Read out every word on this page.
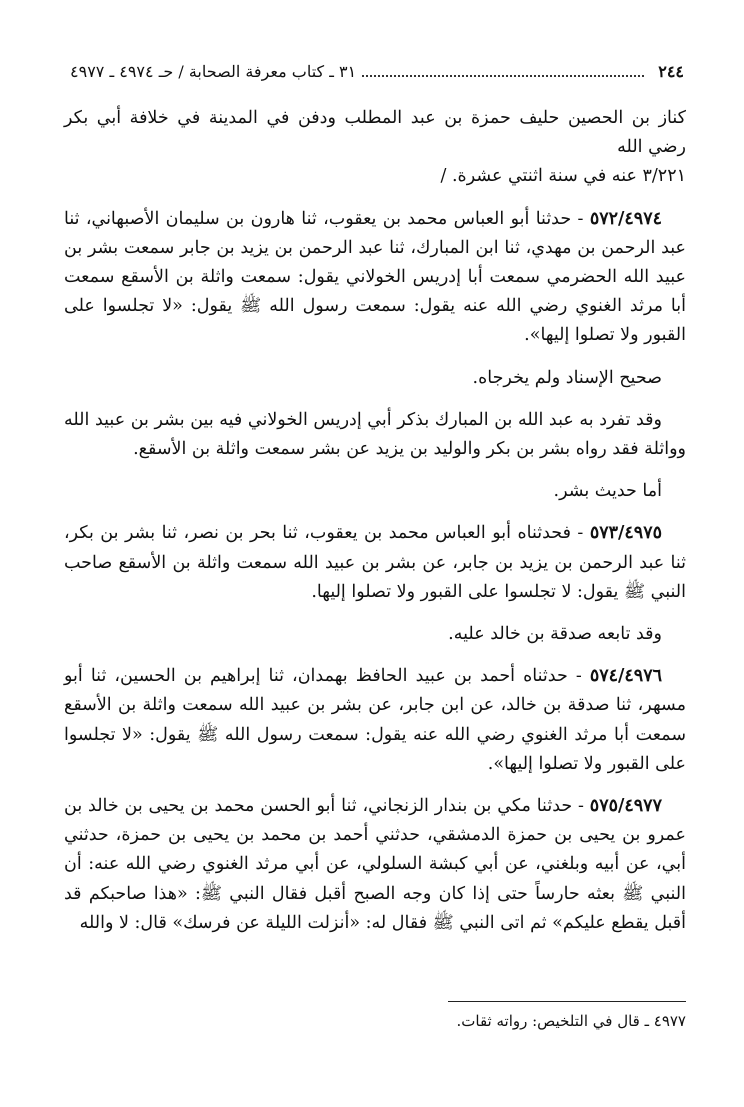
٢٤٤
٣١ ـ كتاب معرفة الصحابة / حـ ٤٩٧٤ ـ ٤٩٧٧

كناز بن الحصين حليف حمزة بن عبد المطلب ودفن في المدينة في خلافة أبي بكر رضي الله
٣/٢٢١ عنه في سنة اثنتي عشرة. /

٥٧٢/٤٩٧٤ - حدثنا أبو العباس محمد بن يعقوب، ثنا هارون بن سليمان الأصبهاني، ثنا عبد الرحمن بن مهدي، ثنا ابن المبارك، ثنا عبد الرحمن بن يزيد بن جابر سمعت بشر بن عبيد الله الحضرمي سمعت أبا إدريس الخولاني يقول: سمعت واثلة بن الأسقع سمعت أبا مرثد الغنوي رضي الله عنه يقول: سمعت رسول الله ﷺ يقول: «لا تجلسوا على القبور ولا تصلوا إليها».

صحيح الإسناد ولم يخرجاه.

وقد تفرد به عبد الله بن المبارك بذكر أبي إدريس الخولاني فيه بين بشر بن عبيد الله وواثلة فقد رواه بشر بن بكر والوليد بن يزيد عن بشر سمعت واثلة بن الأسقع.

أما حديث بشر.

٥٧٣/٤٩٧٥ - فحدثناه أبو العباس محمد بن يعقوب، ثنا بحر بن نصر، ثنا بشر بن بكر، ثنا عبد الرحمن بن يزيد بن جابر، عن بشر بن عبيد الله سمعت واثلة بن الأسقع صاحب النبي ﷺ يقول: لا تجلسوا على القبور ولا تصلوا إليها.

وقد تابعه صدقة بن خالد عليه.

٥٧٤/٤٩٧٦ - حدثناه أحمد بن عبيد الحافظ بهمدان، ثنا إبراهيم بن الحسين، ثنا أبو مسهر، ثنا صدقة بن خالد، عن ابن جابر، عن بشر بن عبيد الله سمعت واثلة بن الأسقع سمعت أبا مرثد الغنوي رضي الله عنه يقول: سمعت رسول الله ﷺ يقول: «لا تجلسوا على القبور ولا تصلوا إليها».

٥٧٥/٤٩٧٧ - حدثنا مكي بن بندار الزنجاني، ثنا أبو الحسن محمد بن يحيى بن خالد بن عمرو بن يحيى بن حمزة الدمشقي، حدثني أحمد بن محمد بن يحيى بن حمزة، حدثني أبي، عن أبيه وبلغني، عن أبي كبشة السلولي، عن أبي مرثد الغنوي رضي الله عنه: أن النبي ﷺ بعثه حارساً حتى إذا كان وجه الصبح أقبل فقال النبي ﷺ: «هذا صاحبكم قد أقبل يقطع عليكم» ثم اتى النبي ﷺ فقال له: «أنزلت الليلة عن فرسك» قال: لا والله

٤٩٧٧ ـ قال في التلخيص: رواته ثقات.
